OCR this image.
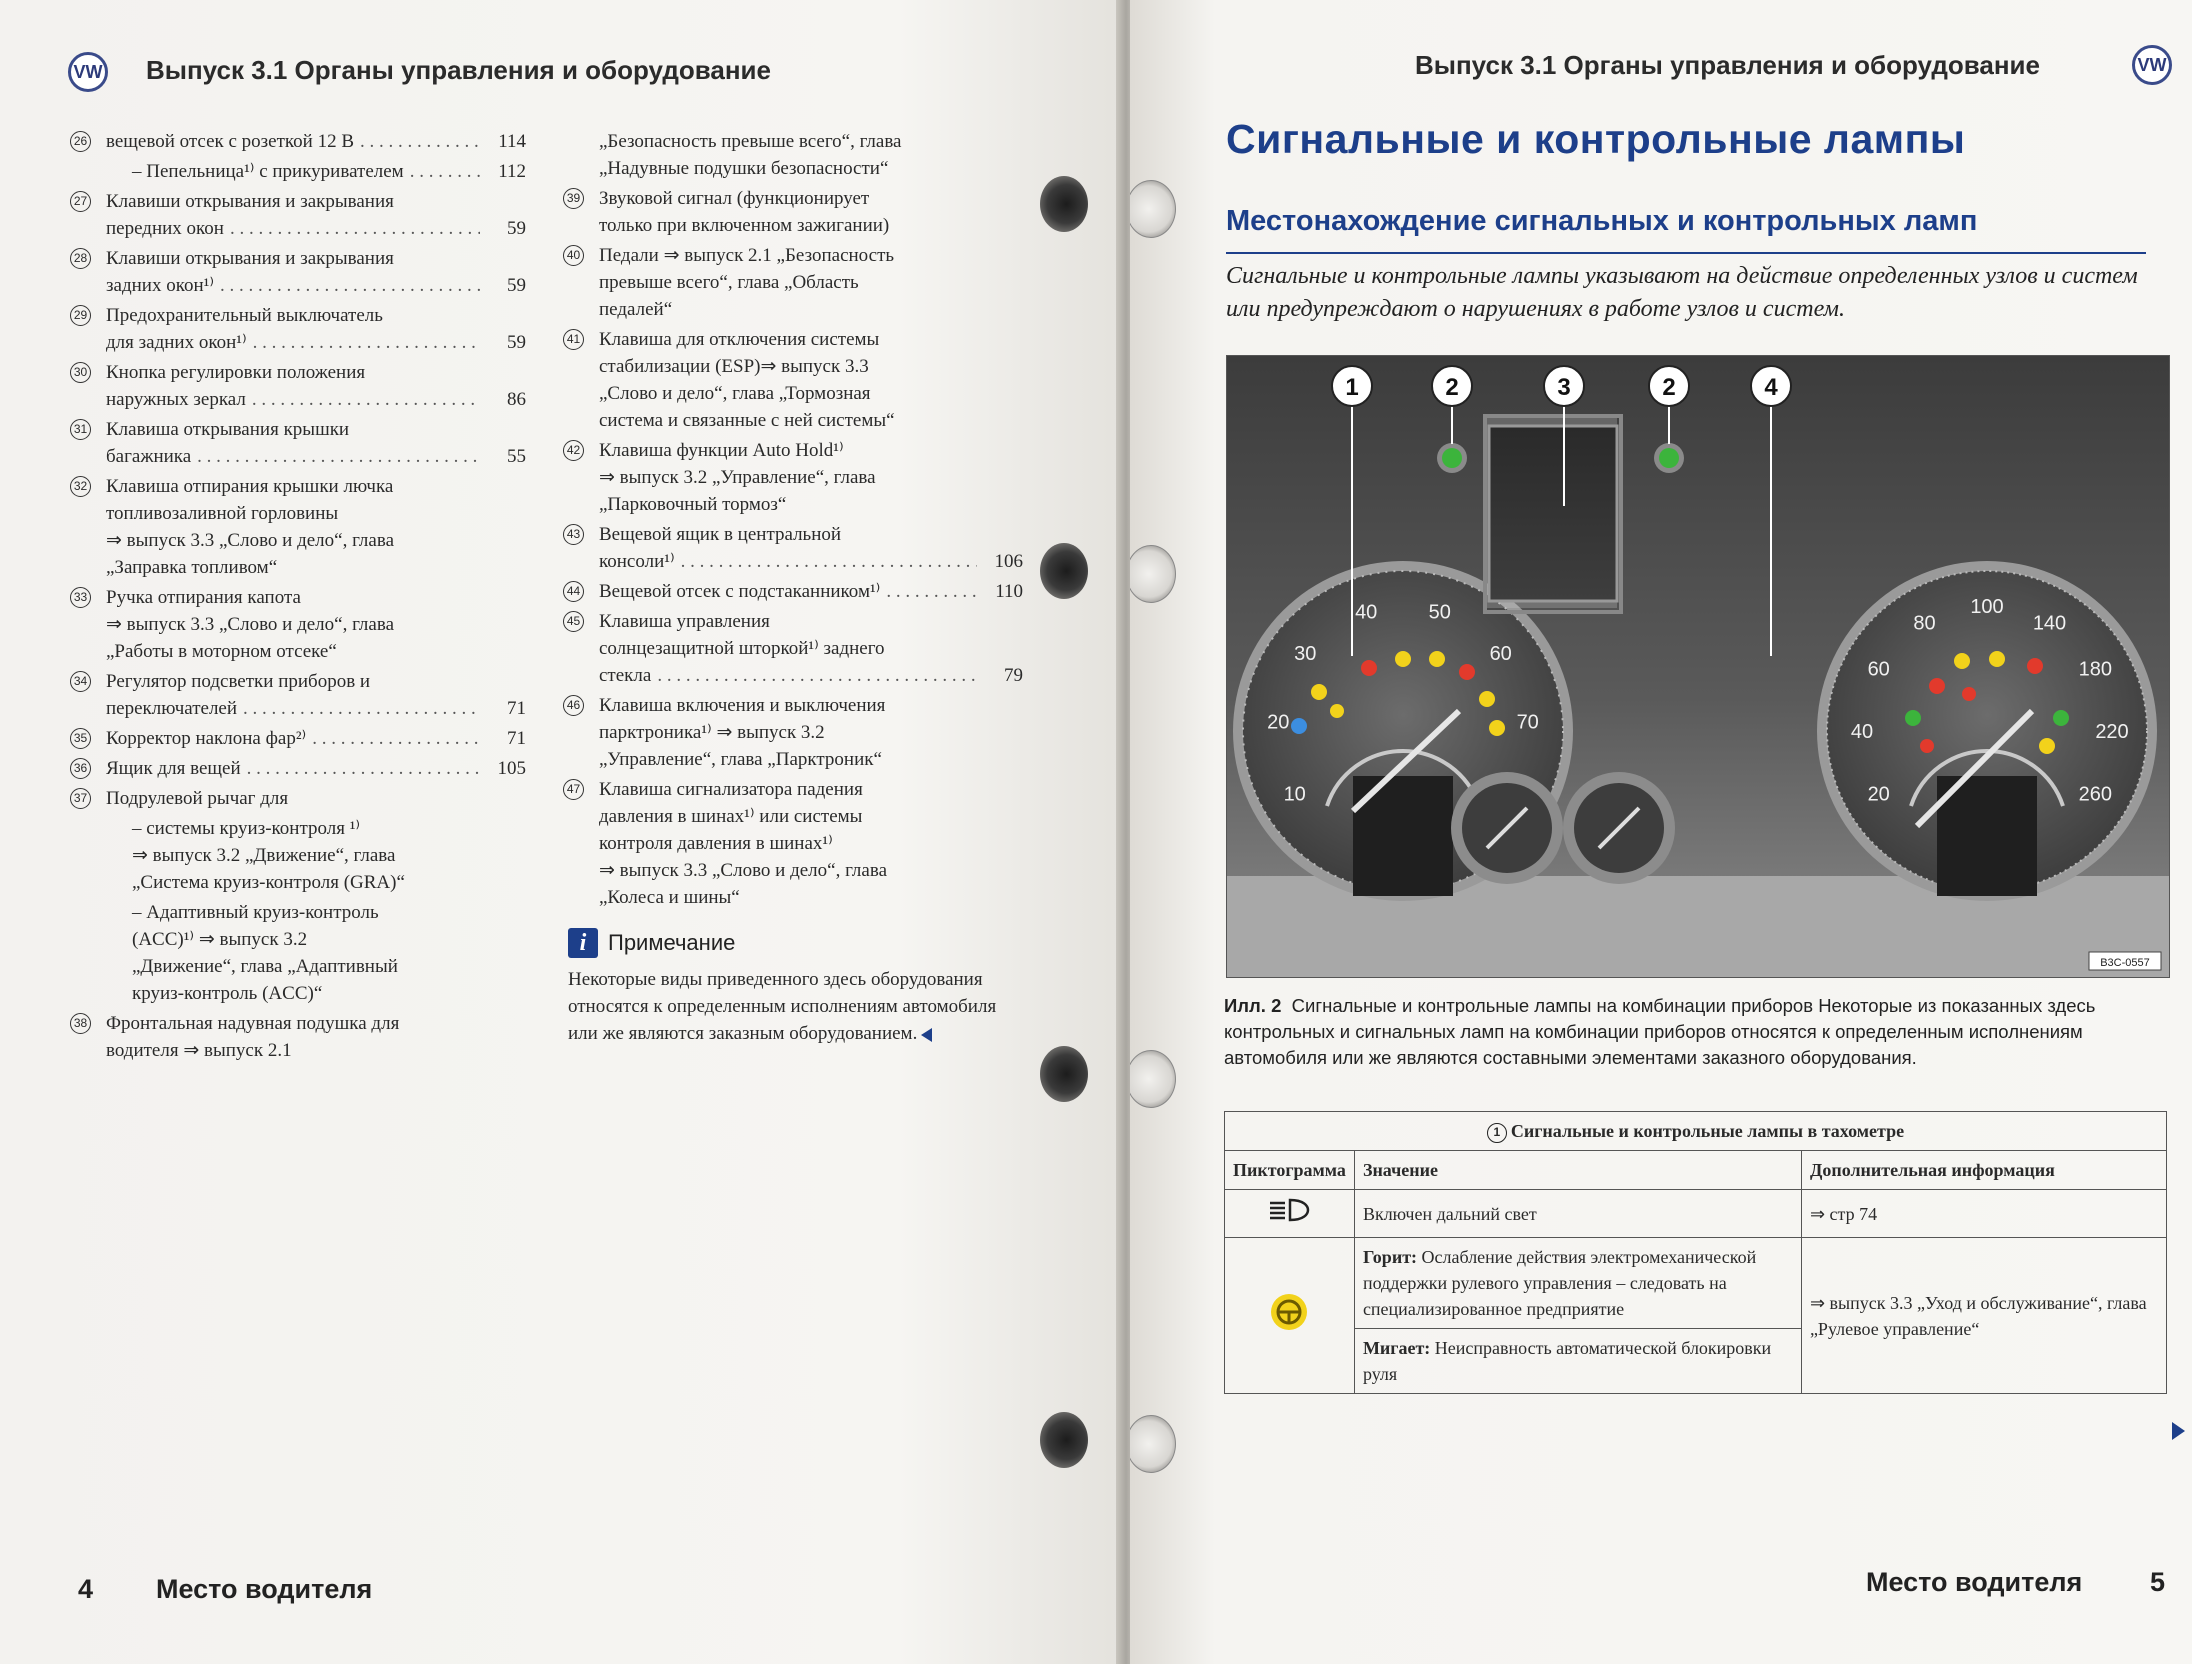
VW Выпуск 3.1 Органы управления и оборудование
26 вещевой отсек с розеткой 12 В . . .	114
– Пепельница¹⁾ с прикуривателем . . .	112
27 Клавиши открывания и закрывания
передних окон . . .	59
28 Клавиши открывания и закрывания
задних окон¹⁾ . . .	59
29 Предохранительный выключатель
для задних окон¹⁾ . . .	59
30 Кнопка регулировки положения
наружных зеркал . . .	86
31 Клавиша открывания крышки
багажника . . .	55
32 Клавиша отпирания крышки лючка
топливозаливной горловины
⇒ выпуск 3.3 „Слово и дело“, глава
„Заправка топливом“
33 Ручка отпирания капота
⇒ выпуск 3.3 „Слово и дело“, глава
„Работы в моторном отсеке“
34 Регулятор подсветки приборов и
переключателей . . .	71
35 Корректор наклона фар²⁾ . . .	71
36 Ящик для вещей . . .	105
37 Подрулевой рычаг для
– системы круиз-контроля ¹⁾
⇒ выпуск 3.2 „Движение“, глава
„Система круиз-контроля (GRA)“
– Адаптивный круиз-контроль
(ACC)¹⁾ ⇒ выпуск 3.2
„Движение“, глава „Адаптивный
круиз-контроль (ACC)“
38 Фронтальная надувная подушка для
водителя ⇒ выпуск 2.1
„Безопасность превыше всего“, глава
„Надувные подушки безопасности“
39 Звуковой сигнал (функционирует
только при включенном зажигании)
40 Педали ⇒ выпуск 2.1 „Безопасность
превыше всего“, глава „Область
педалей“
41 Клавиша для отключения системы
стабилизации (ESP)⇒ выпуск 3.3
„Слово и дело“, глава „Тормозная
система и связанные с ней системы“
42 Клавиша функции Auto Hold¹⁾
⇒ выпуск 3.2 „Управление“, глава
„Парковочный тормоз“
43 Вещевой ящик в центральной
консоли¹⁾ . . .	106
44 Вещевой отсек с подстаканником¹⁾ . . .	110
45 Клавиша управления
солнцезащитной шторкой¹⁾ заднего
стекла . . .	79
46 Клавиша включения и выключения
парктроника¹⁾ ⇒ выпуск 3.2
„Управление“, глава „Парктроник“
47 Клавиша сигнализатора падения
давления в шинах¹⁾ или системы
контроля давления в шинах¹⁾
⇒ выпуск 3.3 „Слово и дело“, глава
„Колеса и шины“
i Примечание
Некоторые виды приведенного здесь оборудования относятся к определенным исполнениям автомобиля или же являются заказным оборудованием.
4 Место водителя
Выпуск 3.1 Органы управления и оборудование	VW
Сигнальные и контрольные лампы
Местонахождение сигнальных и контрольных ламп
Сигнальные и контрольные лампы указывают на действие определенных узлов и систем или предупреждают о нарушениях в работе узлов и систем.
10
20
30
40	50
60
70
20
40
60
80
100
140
180
220
260
1	2	3	2	4
B3C-0557
Илл. 2 Сигнальные и контрольные лампы на комбинации приборов Некоторые из показанных здесь контрольных и сигнальных ламп на комбинации приборов относятся к определенным исполнениям автомобиля или же являются составными элементами заказного оборудования.
1 Сигнальные и контрольные лампы в тахометре		
Пиктограмма	Значение	Дополнительная информация
	Включен дальний свет	⇒ стр 74
	Горит: Ослабление действия электромеханической поддержки рулевого управления – следовать на специализированное предприятие	⇒ выпуск 3.3 „Уход и обслуживание“, глава „Рулевое управление“
	Мигает: Неисправность автоматической блокировки руля	
Место водителя	5
